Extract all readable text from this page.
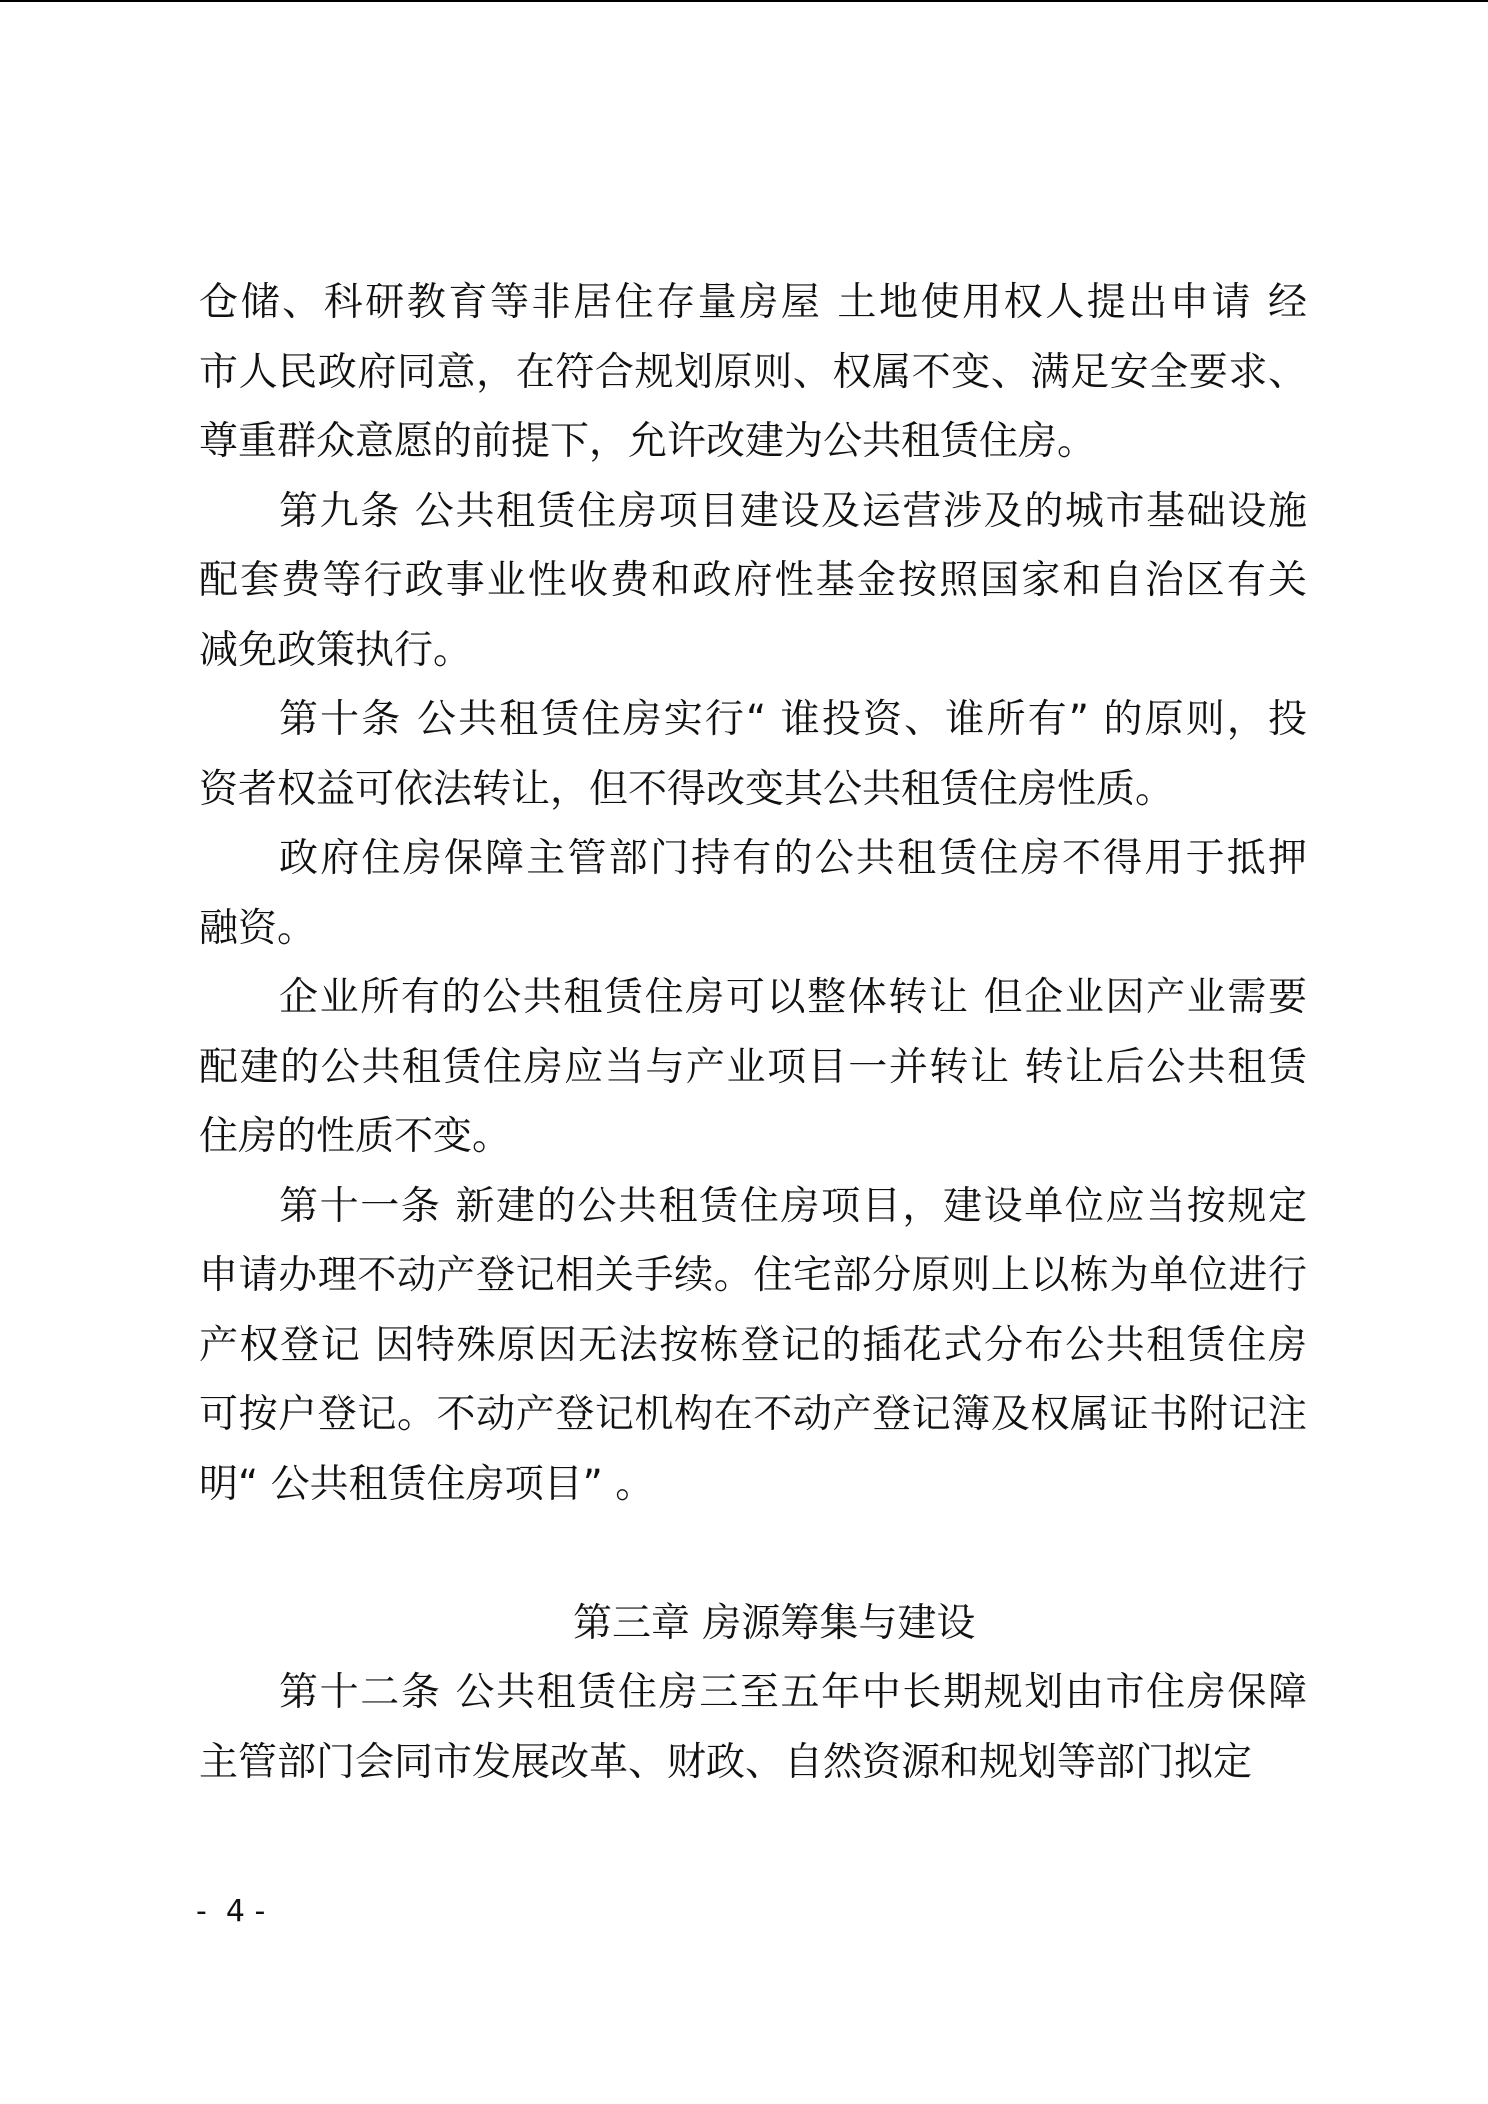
仓储、科研教育等非居住存量房屋 土地使用权人提出申请 经
市人民政府同意，在符合规划原则、权属不变、满足安全要求、
尊重群众意愿的前提下，允许改建为公共租赁住房。
第九条 公共租赁住房项目建设及运营涉及的城市基础设施
配套费等行政事业性收费和政府性基金按照国家和自治区有关
减免政策执行。
第十条 公共租赁住房实行“ 谁投资、谁所有” 的原则，投
资者权益可依法转让，但不得改变其公共租赁住房性质。
政府住房保障主管部门持有的公共租赁住房不得用于抵押
融资。
企业所有的公共租赁住房可以整体转让 但企业因产业需要
配建的公共租赁住房应当与产业项目一并转让 转让后公共租赁
住房的性质不变。
第十一条 新建的公共租赁住房项目，建设单位应当按规定
申请办理不动产登记相关手续。住宅部分原则上以栋为单位进行
产权登记 因特殊原因无法按栋登记的插花式分布公共租赁住房
可按户登记。不动产登记机构在不动产登记簿及权属证书附记注
明“ 公共租赁住房项目” 。
第三章 房源筹集与建设
第十二条 公共租赁住房三至五年中长期规划由市住房保障
主管部门会同市发展改革、财政、自然资源和规划等部门拟定
-  4 -
